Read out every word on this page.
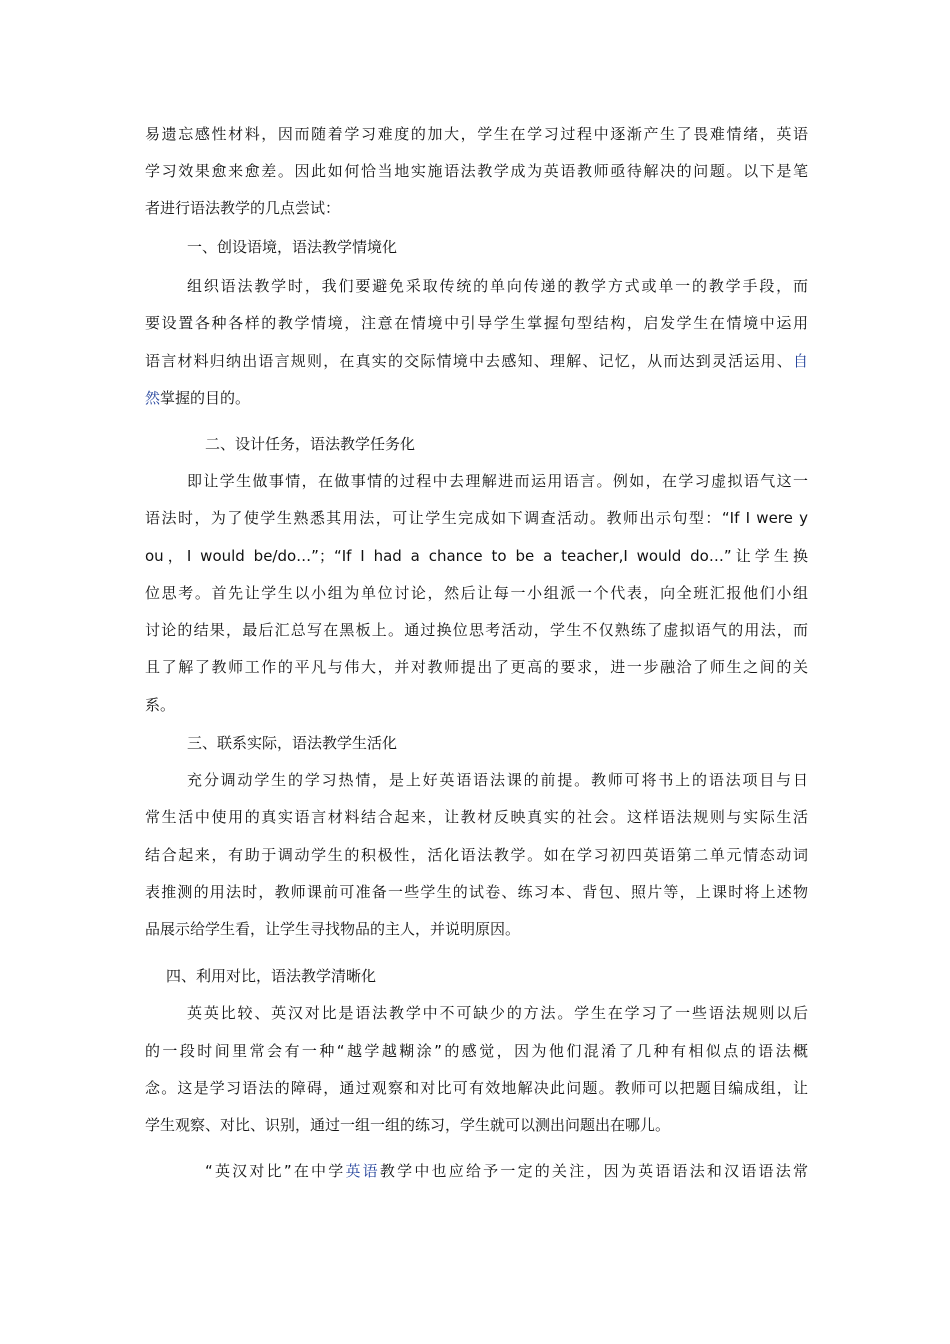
易遗忘感性材料，因而随着学习难度的加大，学生在学习过程中逐渐产生了畏难情绪，英语

学习效果愈来愈差。因此如何恰当地实施语法教学成为英语教师亟待解决的问题。以下是笔

者进行语法教学的几点尝试：

一、创设语境，语法教学情境化

组织语法教学时，我们要避免采取传统的单向传递的教学方式或单一的教学手段，而

要设置各种各样的教学情境，注意在情境中引导学生掌握句型结构，启发学生在情境中运用

语言材料归纳出语言规则，在真实的交际情境中去感知、理解、记忆，从而达到灵活运用、自

然掌握的目的。

二、设计任务，语法教学任务化

即让学生做事情，在做事情的过程中去理解进而运用语言。例如，在学习虚拟语气这一

语法时，为了使学生熟悉其用法，可让学生完成如下调查活动。教师出示句型：“If I were y

ou，I would be/do…”；“If I had a chance to be a teacher,I would do…”让学生换

位思考。首先让学生以小组为单位讨论，然后让每一小组派一个代表，向全班汇报他们小组

讨论的结果，最后汇总写在黑板上。通过换位思考活动，学生不仅熟练了虚拟语气的用法，而

且了解了教师工作的平凡与伟大，并对教师提出了更高的要求，进一步融洽了师生之间的关

系。

三、联系实际，语法教学生活化

充分调动学生的学习热情，是上好英语语法课的前提。教师可将书上的语法项目与日

常生活中使用的真实语言材料结合起来，让教材反映真实的社会。这样语法规则与实际生活

结合起来，有助于调动学生的积极性，活化语法教学。如在学习初四英语第二单元情态动词

表推测的用法时，教师课前可准备一些学生的试卷、练习本、背包、照片等，上课时将上述物

品展示给学生看，让学生寻找物品的主人，并说明原因。

四、利用对比，语法教学清晰化

英英比较、英汉对比是语法教学中不可缺少的方法。学生在学习了一些语法规则以后

的一段时间里常会有一种“越学越糊涂”的感觉，因为他们混淆了几种有相似点的语法概

念。这是学习语法的障碍，通过观察和对比可有效地解决此问题。教师可以把题目编成组，让

学生观察、对比、识别，通过一组一组的练习，学生就可以测出问题出在哪儿。

“英汉对比”在中学英语教学中也应给予一定的关注，因为英语语法和汉语语法常
